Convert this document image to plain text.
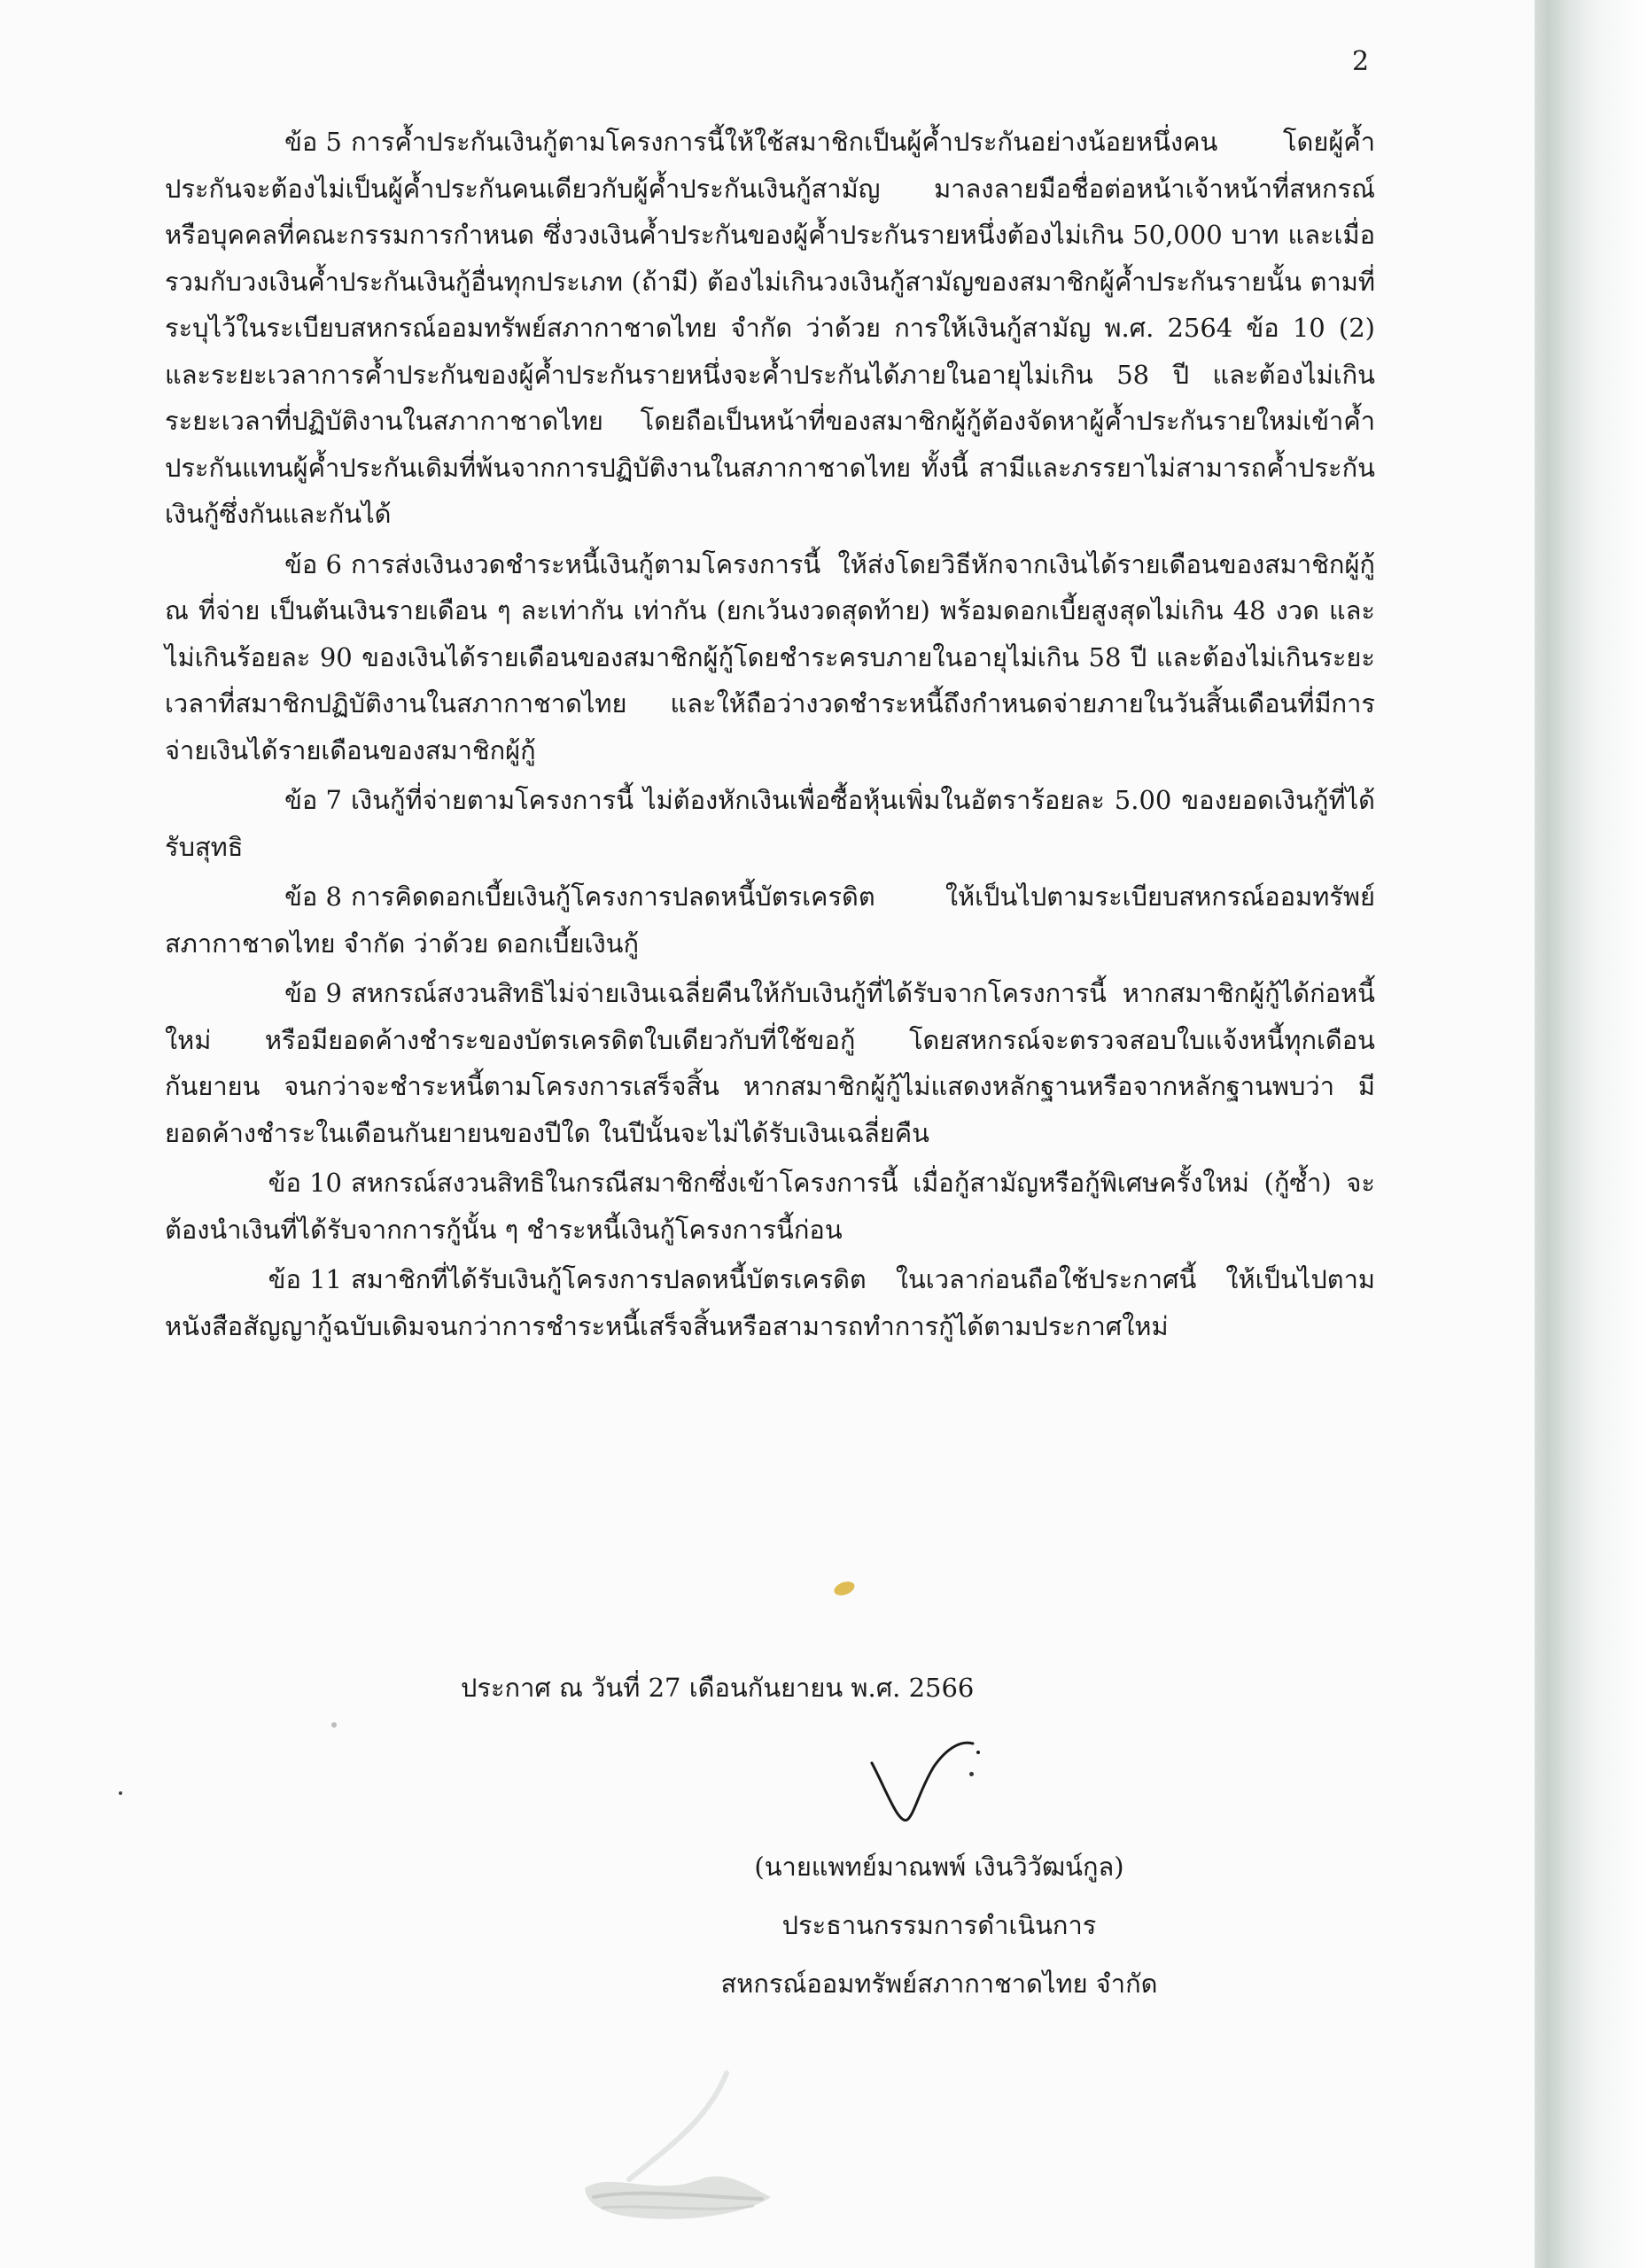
2

ข้อ 5 การค้ำประกันเงินกู้ตามโครงการนี้ให้ใช้สมาชิกเป็นผู้ค้ำประกันอย่างน้อยหนึ่งคน โดยผู้ค้ำประกันจะต้องไม่เป็นผู้ค้ำประกันคนเดียวกับผู้ค้ำประกันเงินกู้สามัญ มาลงลายมือชื่อต่อหน้าเจ้าหน้าที่สหกรณ์ หรือบุคคลที่คณะกรรมการกำหนด ซึ่งวงเงินค้ำประกันของผู้ค้ำประกันรายหนึ่งต้องไม่เกิน 50,000 บาท และเมื่อรวมกับวงเงินค้ำประกันเงินกู้อื่นทุกประเภท (ถ้ามี) ต้องไม่เกินวงเงินกู้สามัญของสมาชิกผู้ค้ำประกันรายนั้น ตามที่ระบุไว้ในระเบียบสหกรณ์ออมทรัพย์สภากาชาดไทย จำกัด ว่าด้วย การให้เงินกู้สามัญ พ.ศ. 2564 ข้อ 10 (2) และระยะเวลาการค้ำประกันของผู้ค้ำประกันรายหนึ่งจะค้ำประกันได้ภายในอายุไม่เกิน 58 ปี และต้องไม่เกินระยะเวลาที่ปฏิบัติงานในสภากาชาดไทย โดยถือเป็นหน้าที่ของสมาชิกผู้กู้ต้องจัดหาผู้ค้ำประกันรายใหม่เข้าค้ำประกันแทนผู้ค้ำประกันเดิมที่พ้นจากการปฏิบัติงานในสภากาชาดไทย ทั้งนี้ สามีและภรรยาไม่สามารถค้ำประกันเงินกู้ซึ่งกันและกันได้

ข้อ 6 การส่งเงินงวดชำระหนี้เงินกู้ตามโครงการนี้ ให้ส่งโดยวิธีหักจากเงินได้รายเดือนของสมาชิกผู้กู้ ณ ที่จ่าย เป็นต้นเงินรายเดือน ๆ ละเท่ากัน เท่ากัน (ยกเว้นงวดสุดท้าย) พร้อมดอกเบี้ยสูงสุดไม่เกิน 48 งวด และไม่เกินร้อยละ 90 ของเงินได้รายเดือนของสมาชิกผู้กู้โดยชำระครบภายในอายุไม่เกิน 58 ปี และต้องไม่เกินระยะเวลาที่สมาชิกปฏิบัติงานในสภากาชาดไทย และให้ถือว่างวดชำระหนี้ถึงกำหนดจ่ายภายในวันสิ้นเดือนที่มีการจ่ายเงินได้รายเดือนของสมาชิกผู้กู้

ข้อ 7 เงินกู้ที่จ่ายตามโครงการนี้ ไม่ต้องหักเงินเพื่อซื้อหุ้นเพิ่มในอัตราร้อยละ 5.00 ของยอดเงินกู้ที่ได้รับสุทธิ

ข้อ 8 การคิดดอกเบี้ยเงินกู้โครงการปลดหนี้บัตรเครดิต ให้เป็นไปตามระเบียบสหกรณ์ออมทรัพย์สภากาชาดไทย จำกัด ว่าด้วย ดอกเบี้ยเงินกู้

ข้อ 9 สหกรณ์สงวนสิทธิไม่จ่ายเงินเฉลี่ยคืนให้กับเงินกู้ที่ได้รับจากโครงการนี้ หากสมาชิกผู้กู้ได้ก่อหนี้ใหม่ หรือมียอดค้างชำระของบัตรเครดิตใบเดียวกับที่ใช้ขอกู้ โดยสหกรณ์จะตรวจสอบใบแจ้งหนี้ทุกเดือนกันยายน จนกว่าจะชำระหนี้ตามโครงการเสร็จสิ้น หากสมาชิกผู้กู้ไม่แสดงหลักฐานหรือจากหลักฐานพบว่า มียอดค้างชำระในเดือนกันยายนของปีใด ในปีนั้นจะไม่ได้รับเงินเฉลี่ยคืน

ข้อ 10 สหกรณ์สงวนสิทธิในกรณีสมาชิกซึ่งเข้าโครงการนี้ เมื่อกู้สามัญหรือกู้พิเศษครั้งใหม่ (กู้ซ้ำ) จะต้องนำเงินที่ได้รับจากการกู้นั้น ๆ ชำระหนี้เงินกู้โครงการนี้ก่อน

ข้อ 11 สมาชิกที่ได้รับเงินกู้โครงการปลดหนี้บัตรเครดิต ในเวลาก่อนถือใช้ประกาศนี้ ให้เป็นไปตามหนังสือสัญญากู้ฉบับเดิมจนกว่าการชำระหนี้เสร็จสิ้นหรือสามารถทำการกู้ได้ตามประกาศใหม่

ประกาศ ณ วันที่ 27 เดือนกันยายน พ.ศ. 2566
(นายแพทย์มาณพพ์ เงินวิวัฒน์กูล)
ประธานกรรมการดำเนินการ
สหกรณ์ออมทรัพย์สภากาชาดไทย จำกัด
